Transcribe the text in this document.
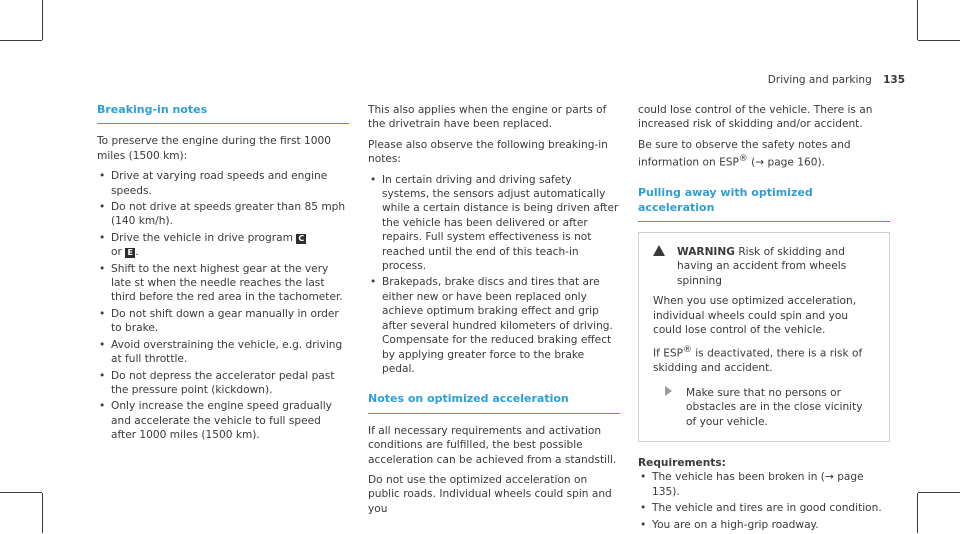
Driving and parking 135
Breaking-in notes

To preserve the engine during the first 1000 miles (1500 km):

• Drive at varying road speeds and engine speeds.
• Do not drive at speeds greater than 85 mph (140 km/h).
• Drive the vehicle in drive program C
or E .
• Shift to the next highest gear at the very late st when the needle reaches the last third before the red area in the tachometer.
• Do not shift down a gear manually in order to brake.
• Avoid overstraining the vehicle, e.g. driving at full throttle.
• Do not depress the accelerator pedal past the pressure point (kickdown).
• Only increase the engine speed gradually and accelerate the vehicle to full speed after 1000 miles (1500 km).

This also applies when the engine or parts of the drivetrain have been replaced.

Please also observe the following breaking-in notes:

• In certain driving and driving safety systems, the sensors adjust automatically while a certain distance is being driven after the vehicle has been delivered or after repairs. Full system effectiveness is not reached until the end of this teach-in process.
• Brakepads, brake discs and tires that are either new or have been replaced only achieve optimum braking effect and grip after several hundred kilometers of driving. Compensate for the reduced braking effect by applying greater force to the brake pedal.
Notes on optimized acceleration

If all necessary requirements and activation conditions are fulfilled, the best possible acceleration can be achieved from a standstill.

Do not use the optimized acceleration on public roads. Individual wheels could spin and you

could lose control of the vehicle. There is an increased risk of skidding and/or accident.

Be sure to observe the safety notes and information on ESP® (→ page 160).

Pulling away with optimized acceleration
WARNING Risk of skidding and having an accident from wheels spinning

When you use optimized acceleration, individual wheels could spin and you could lose control of the vehicle.

If ESP® is deactivated, there is a risk of skidding and accident.

Make sure that no persons or obstacles are in the close vicinity of your vehicle.
Requirements:
• The vehicle has been broken in (→ page 135).
• The vehicle and tires are in good condition.
• You are on a high-grip roadway.
